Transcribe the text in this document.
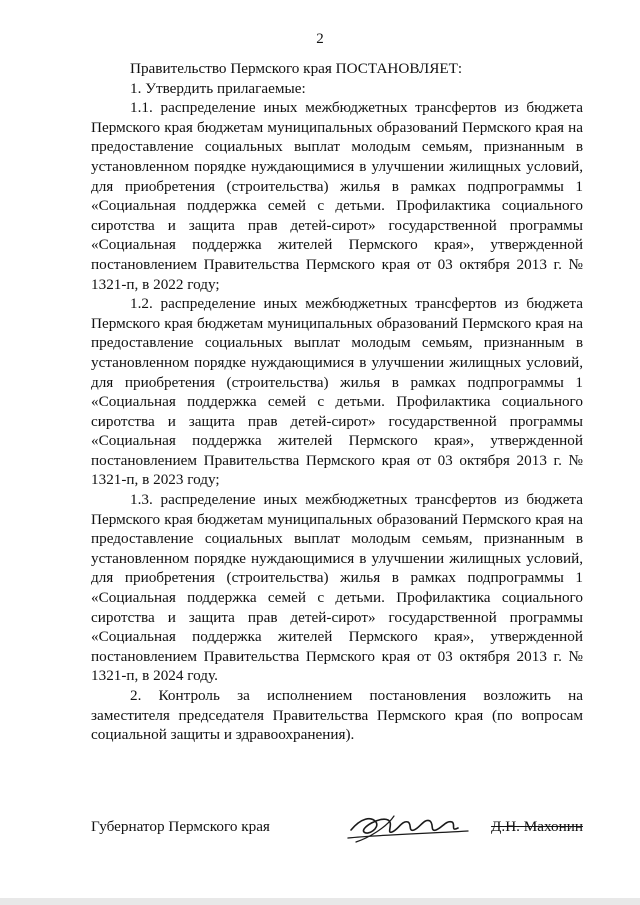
2

Правительство Пермского края ПОСТАНОВЛЯЕТ:

1. Утвердить прилагаемые:

1.1. распределение иных межбюджетных трансфертов из бюджета Пермского края бюджетам муниципальных образований Пермского края на предоставление социальных выплат молодым семьям, признанным в установленном порядке нуждающимися в улучшении жилищных условий, для приобретения (строительства) жилья в рамках подпрограммы 1 «Социальная поддержка семей с детьми. Профилактика социального сиротства и защита прав детей-сирот» государственной программы «Социальная поддержка жителей Пермского края», утвержденной постановлением Правительства Пермского края от 03 октября 2013 г. № 1321-п, в 2022 году;

1.2. распределение иных межбюджетных трансфертов из бюджета Пермского края бюджетам муниципальных образований Пермского края на предоставление социальных выплат молодым семьям, признанным в установленном порядке нуждающимися в улучшении жилищных условий, для приобретения (строительства) жилья в рамках подпрограммы 1 «Социальная поддержка семей с детьми. Профилактика социального сиротства и защита прав детей-сирот» государственной программы «Социальная поддержка жителей Пермского края», утвержденной постановлением Правительства Пермского края от 03 октября 2013 г. № 1321-п, в 2023 году;

1.3. распределение иных межбюджетных трансфертов из бюджета Пермского края бюджетам муниципальных образований Пермского края на предоставление социальных выплат молодым семьям, признанным в установленном порядке нуждающимися в улучшении жилищных условий, для приобретения (строительства) жилья в рамках подпрограммы 1 «Социальная поддержка семей с детьми. Профилактика социального сиротства и защита прав детей-сирот» государственной программы «Социальная поддержка жителей Пермского края», утвержденной постановлением Правительства Пермского края от 03 октября 2013 г. № 1321-п, в 2024 году.

2. Контроль за исполнением постановления возложить на заместителя председателя Правительства Пермского края (по вопросам социальной защиты и здравоохранения).

Губернатор Пермского края	Д.Н. Махонин
